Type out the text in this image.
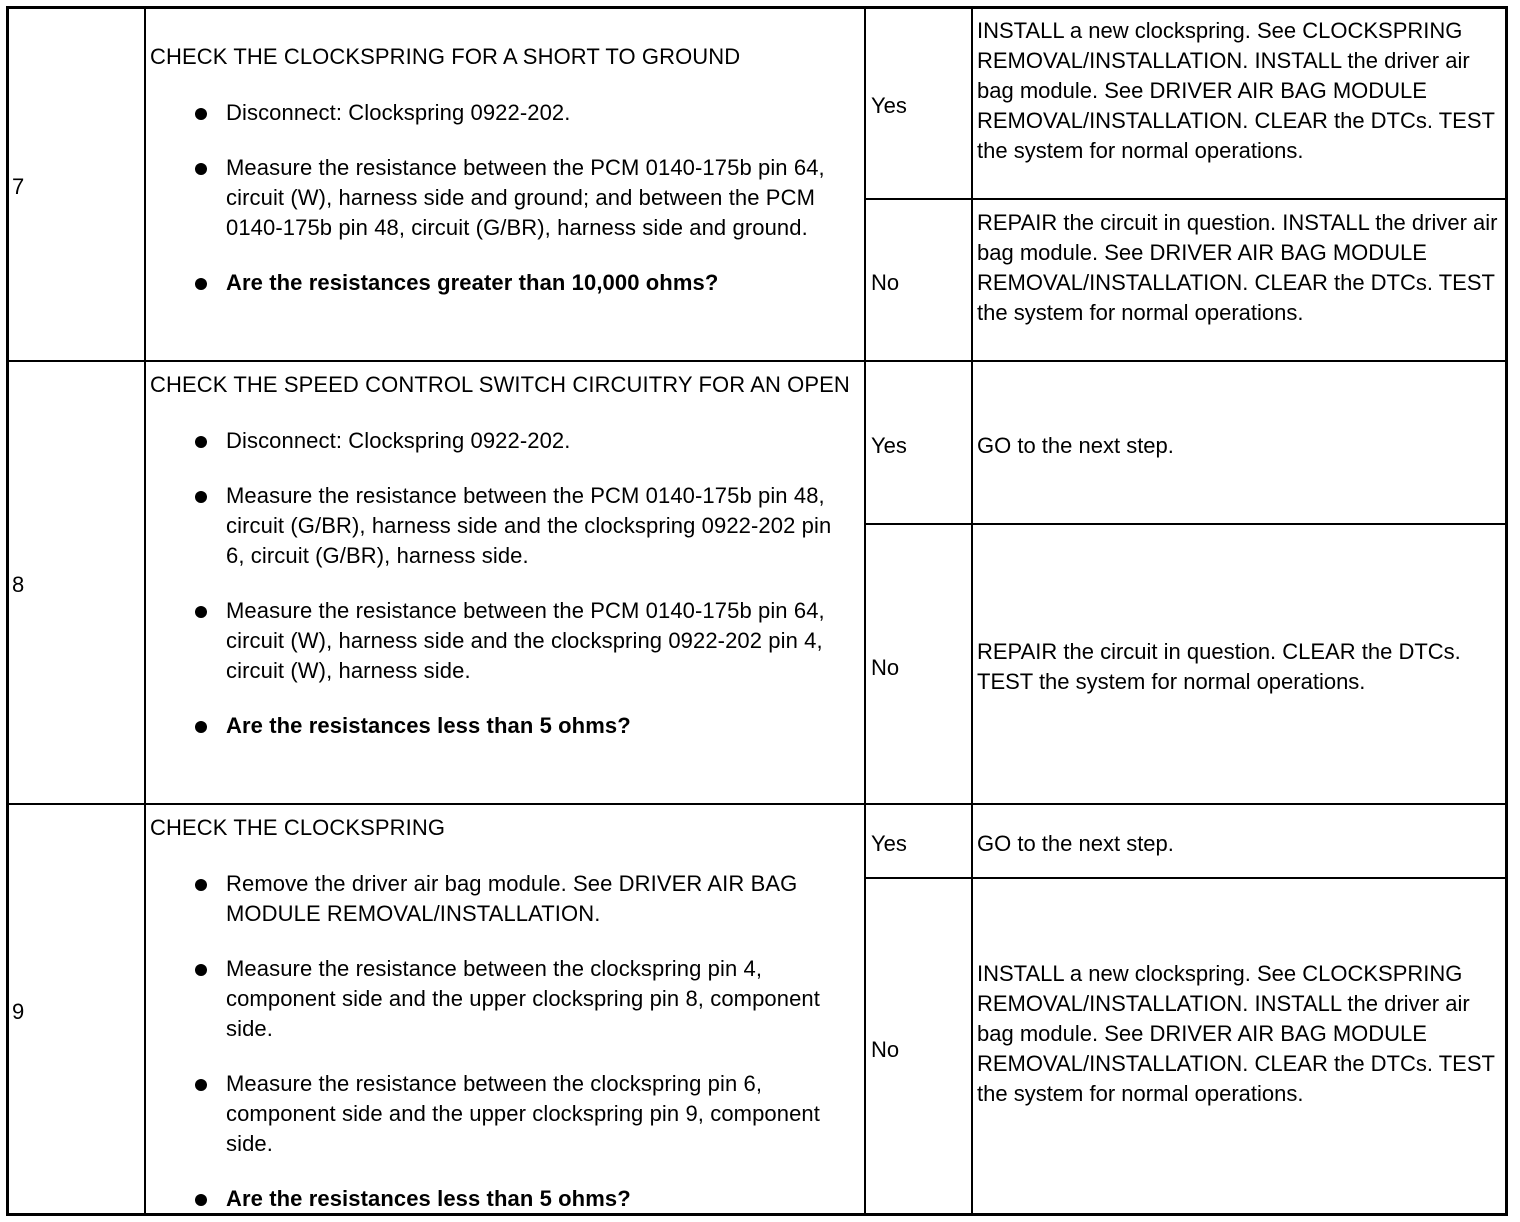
7

CHECK THE CLOCKSPRING FOR A SHORT TO GROUND

Disconnect: Clockspring 0922-202.
Measure the resistance between the PCM 0140-175b pin 64, circuit (W), harness side and ground; and between the PCM 0140-175b pin 48, circuit (G/BR), harness side and ground.
Are the resistances greater than 10,000 ohms?
Yes
INSTALL a new clockspring. See CLOCKSPRING REMOVAL/INSTALLATION. INSTALL the driver air bag module. See DRIVER AIR BAG MODULE REMOVAL/INSTALLATION. CLEAR the DTCs. TEST the system for normal operations.
No
REPAIR the circuit in question. INSTALL the driver air bag module. See DRIVER AIR BAG MODULE REMOVAL/INSTALLATION. CLEAR the DTCs. TEST the system for normal operations.
8

CHECK THE SPEED CONTROL SWITCH CIRCUITRY FOR AN OPEN

Disconnect: Clockspring 0922-202.
Measure the resistance between the PCM 0140-175b pin 48, circuit (G/BR), harness side and the clockspring 0922-202 pin 6, circuit (G/BR), harness side.
Measure the resistance between the PCM 0140-175b pin 64, circuit (W), harness side and the clockspring 0922-202 pin 4, circuit (W), harness side.
Are the resistances less than 5 ohms?
Yes	GO to the next step.
No
REPAIR the circuit in question. CLEAR the DTCs. TEST the system for normal operations.
9

CHECK THE CLOCKSPRING

Remove the driver air bag module. See DRIVER AIR BAG MODULE REMOVAL/INSTALLATION.
Measure the resistance between the clockspring pin 4, component side and the upper clockspring pin 8, component side.
Measure the resistance between the clockspring pin 6, component side and the upper clockspring pin 9, component side.
Are the resistances less than 5 ohms?
Yes	GO to the next step.
No
INSTALL a new clockspring. See CLOCKSPRING REMOVAL/INSTALLATION. INSTALL the driver air bag module. See DRIVER AIR BAG MODULE REMOVAL/INSTALLATION. CLEAR the DTCs. TEST the system for normal operations.
